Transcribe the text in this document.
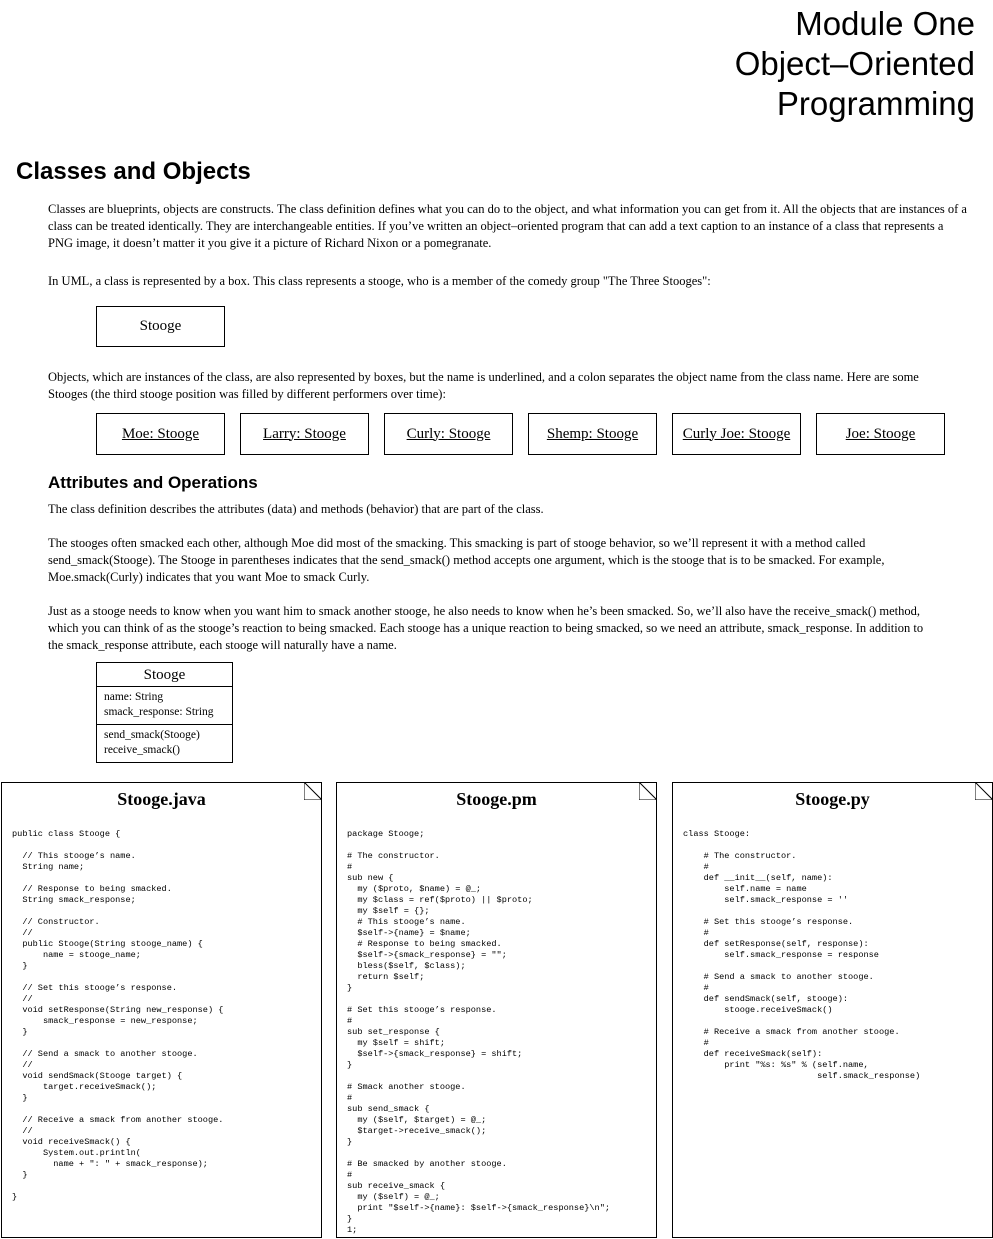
Module One
Object–Oriented
Programming
Classes and Objects

Classes are blueprints, objects are constructs. The class definition defines what you can do to the object, and what information you can get from it. All the objects that are instances of a class can be treated identically. They are interchangeable entities. If you’ve written an object–oriented program that can add a text caption to an instance of a class that represents a PNG image, it doesn’t matter it you give it a picture of Richard Nixon or a pomegranate.

In UML, a class is represented by a box. This class represents a stooge, who is a member of the comedy group "The Three Stooges":

Stooge

Objects, which are instances of the class, are also represented by boxes, but the name is underlined, and a colon separates the object name from the class name. Here are some Stooges (the third stooge position was filled by different performers over time):

Moe: Stooge	Larry: Stooge	Curly: Stooge	Shemp: Stooge	Curly Joe: Stooge	Joe: Stooge
Attributes and Operations

The class definition describes the attributes (data) and methods (behavior) that are part of the class.

The stooges often smacked each other, although Moe did most of the smacking. This smacking is part of stooge behavior, so we’ll represent it with a method called send_smack(Stooge). The Stooge in parentheses indicates that the send_smack() method accepts one argument, which is the stooge that is to be smacked. For example, Moe.smack(Curly) indicates that you want Moe to smack Curly.

Just as a stooge needs to know when you want him to smack another stooge, he also needs to know when he’s been smacked. So, we’ll also have the receive_smack() method, which you can think of as the stooge’s reaction to being smacked. Each stooge has a unique reaction to being smacked, so we need an attribute, smack_response. In addition to the smack_response attribute, each stooge will naturally have a name.

Stooge
name: String
smack_response: String
send_smack(Stooge)
receive_smack()
Stooge.java
public class Stooge {

// This stooge’s name.
String name;

// Response to being smacked.
String smack_response;

// Constructor.
//
public Stooge(String stooge_name) {
name = stooge_name;
}

// Set this stooge’s response.
//
void setResponse(String new_response) {
smack_response = new_response;
}

// Send a smack to another stooge.
//
void sendSmack(Stooge target) {
target.receiveSmack();
}

// Receive a smack from another stooge.
//
void receiveSmack() {
System.out.println(
name + ": " + smack_response);
}

}
Stooge.pm
package Stooge;

# The constructor.
#
sub new {
my ($proto, $name) = @_;
my $class = ref($proto) || $proto;
my $self = {};
# This stooge’s name.
$self->{name} = $name;
# Response to being smacked.
$self->{smack_response} = "";
bless($self, $class);
return $self;
}

# Set this stooge’s response.
#
sub set_response {
my $self = shift;
$self->{smack_response} = shift;
}

# Smack another stooge.
#
sub send_smack {
my ($self, $target) = @_;
$target->receive_smack();
}

# Be smacked by another stooge.
#
sub receive_smack {
my ($self) = @_;
print "$self->{name}: $self->{smack_response}\n";
}
1;
Stooge.py
class Stooge:

# The constructor.
#
def __init__(self, name):
self.name = name
self.smack_response = ''

# Set this stooge’s response.
#
def setResponse(self, response):
self.smack_response = response

# Send a smack to another stooge.
#
def sendSmack(self, stooge):
stooge.receiveSmack()

# Receive a smack from another stooge.
#
def receiveSmack(self):
print "%s: %s" % (self.name,
self.smack_response)
